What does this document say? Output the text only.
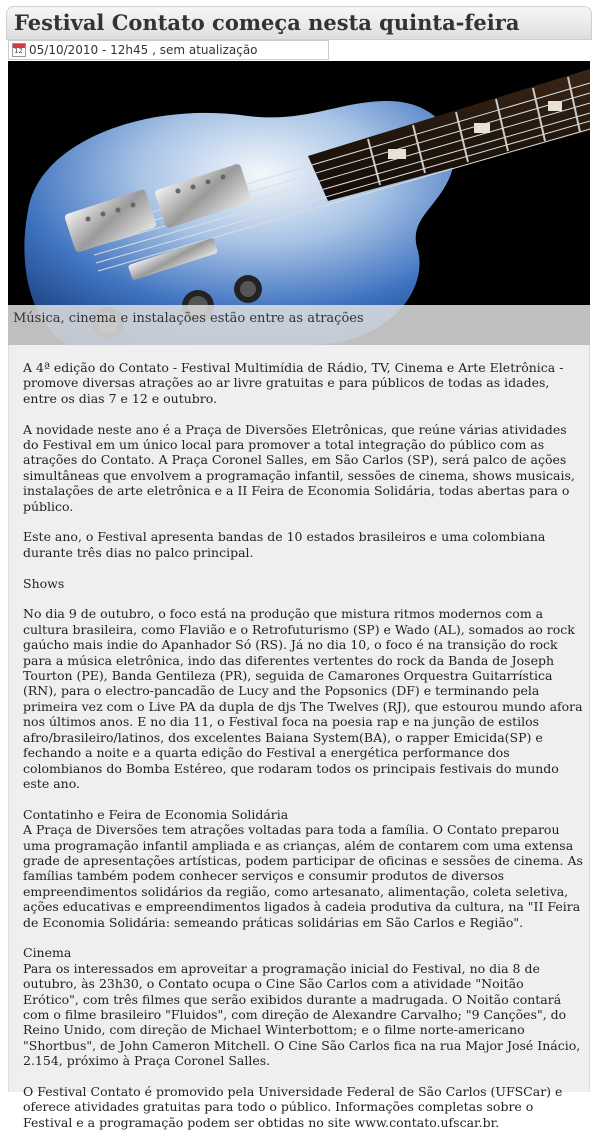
Festival Contato começa nesta quinta-feira
12
05/10/2010 - 12h45 , sem atualização
Música, cinema e instalações estão entre as atrações

A 4ª edição do Contato - Festival Multimídia de Rádio, TV, Cinema e Arte Eletrônica - promove diversas atrações ao ar livre gratuitas e para públicos de todas as idades, entre os dias 7 e 12 e outubro.

A novidade neste ano é a Praça de Diversões Eletrônicas, que reúne várias atividades do Festival em um único local para promover a total integração do público com as atrações do Contato. A Praça Coronel Salles, em São Carlos (SP), será palco de ações simultâneas que envolvem a programação infantil, sessões de cinema, shows musicais, instalações de arte eletrônica e a II Feira de Economia Solidária, todas abertas para o público.

Este ano, o Festival apresenta bandas de 10 estados brasileiros e uma colombiana durante três dias no palco principal.

Shows

No dia 9 de outubro, o foco está na produção que mistura ritmos modernos com a cultura brasileira, como Flavião e o Retrofuturismo (SP) e Wado (AL), somados ao rock gaúcho mais indie do Apanhador Só (RS). Já no dia 10, o foco é na transição do rock para a música eletrônica, indo das diferentes vertentes do rock da Banda de Joseph Tourton (PE), Banda Gentileza (PR), seguida de Camarones Orquestra Guitarrística (RN), para o electro-pancadão de Lucy and the Popsonics (DF) e terminando pela primeira vez com o Live PA da dupla de djs The Twelves (RJ), que estourou mundo afora nos últimos anos. E no dia 11, o Festival foca na poesia rap e na junção de estilos afro/brasileiro/latinos, dos excelentes Baiana System(BA), o rapper Emicida(SP) e fechando a noite e a quarta edição do Festival a energética performance dos colombianos do Bomba Estéreo, que rodaram todos os principais festivais do mundo este ano.

Contatinho e Feira de Economia Solidária
A Praça de Diversões tem atrações voltadas para toda a família. O Contato preparou uma programação infantil ampliada e as crianças, além de contarem com uma extensa grade de apresentações artísticas, podem participar de oficinas e sessões de cinema. As famílias também podem conhecer serviços e consumir produtos de diversos empreendimentos solidários da região, como artesanato, alimentação, coleta seletiva, ações educativas e empreendimentos ligados à cadeia produtiva da cultura, na "II Feira de Economia Solidária: semeando práticas solidárias em São Carlos e Região".

Cinema
Para os interessados em aproveitar a programação inicial do Festival, no dia 8 de outubro, às 23h30, o Contato ocupa o Cine São Carlos com a atividade "Noitão Erótico", com três filmes que serão exibidos durante a madrugada. O Noitão contará com o filme brasileiro "Fluidos", com direção de Alexandre Carvalho; "9 Canções", do Reino Unido, com direção de Michael Winterbottom; e o filme norte-americano "Shortbus", de John Cameron Mitchell. O Cine São Carlos fica na rua Major José Inácio, 2.154, próximo à Praça Coronel Salles.

O Festival Contato é promovido pela Universidade Federal de São Carlos (UFSCar) e oferece atividades gratuitas para todo o público. Informações completas sobre o Festival e a programação podem ser obtidas no site www.contato.ufscar.br.
